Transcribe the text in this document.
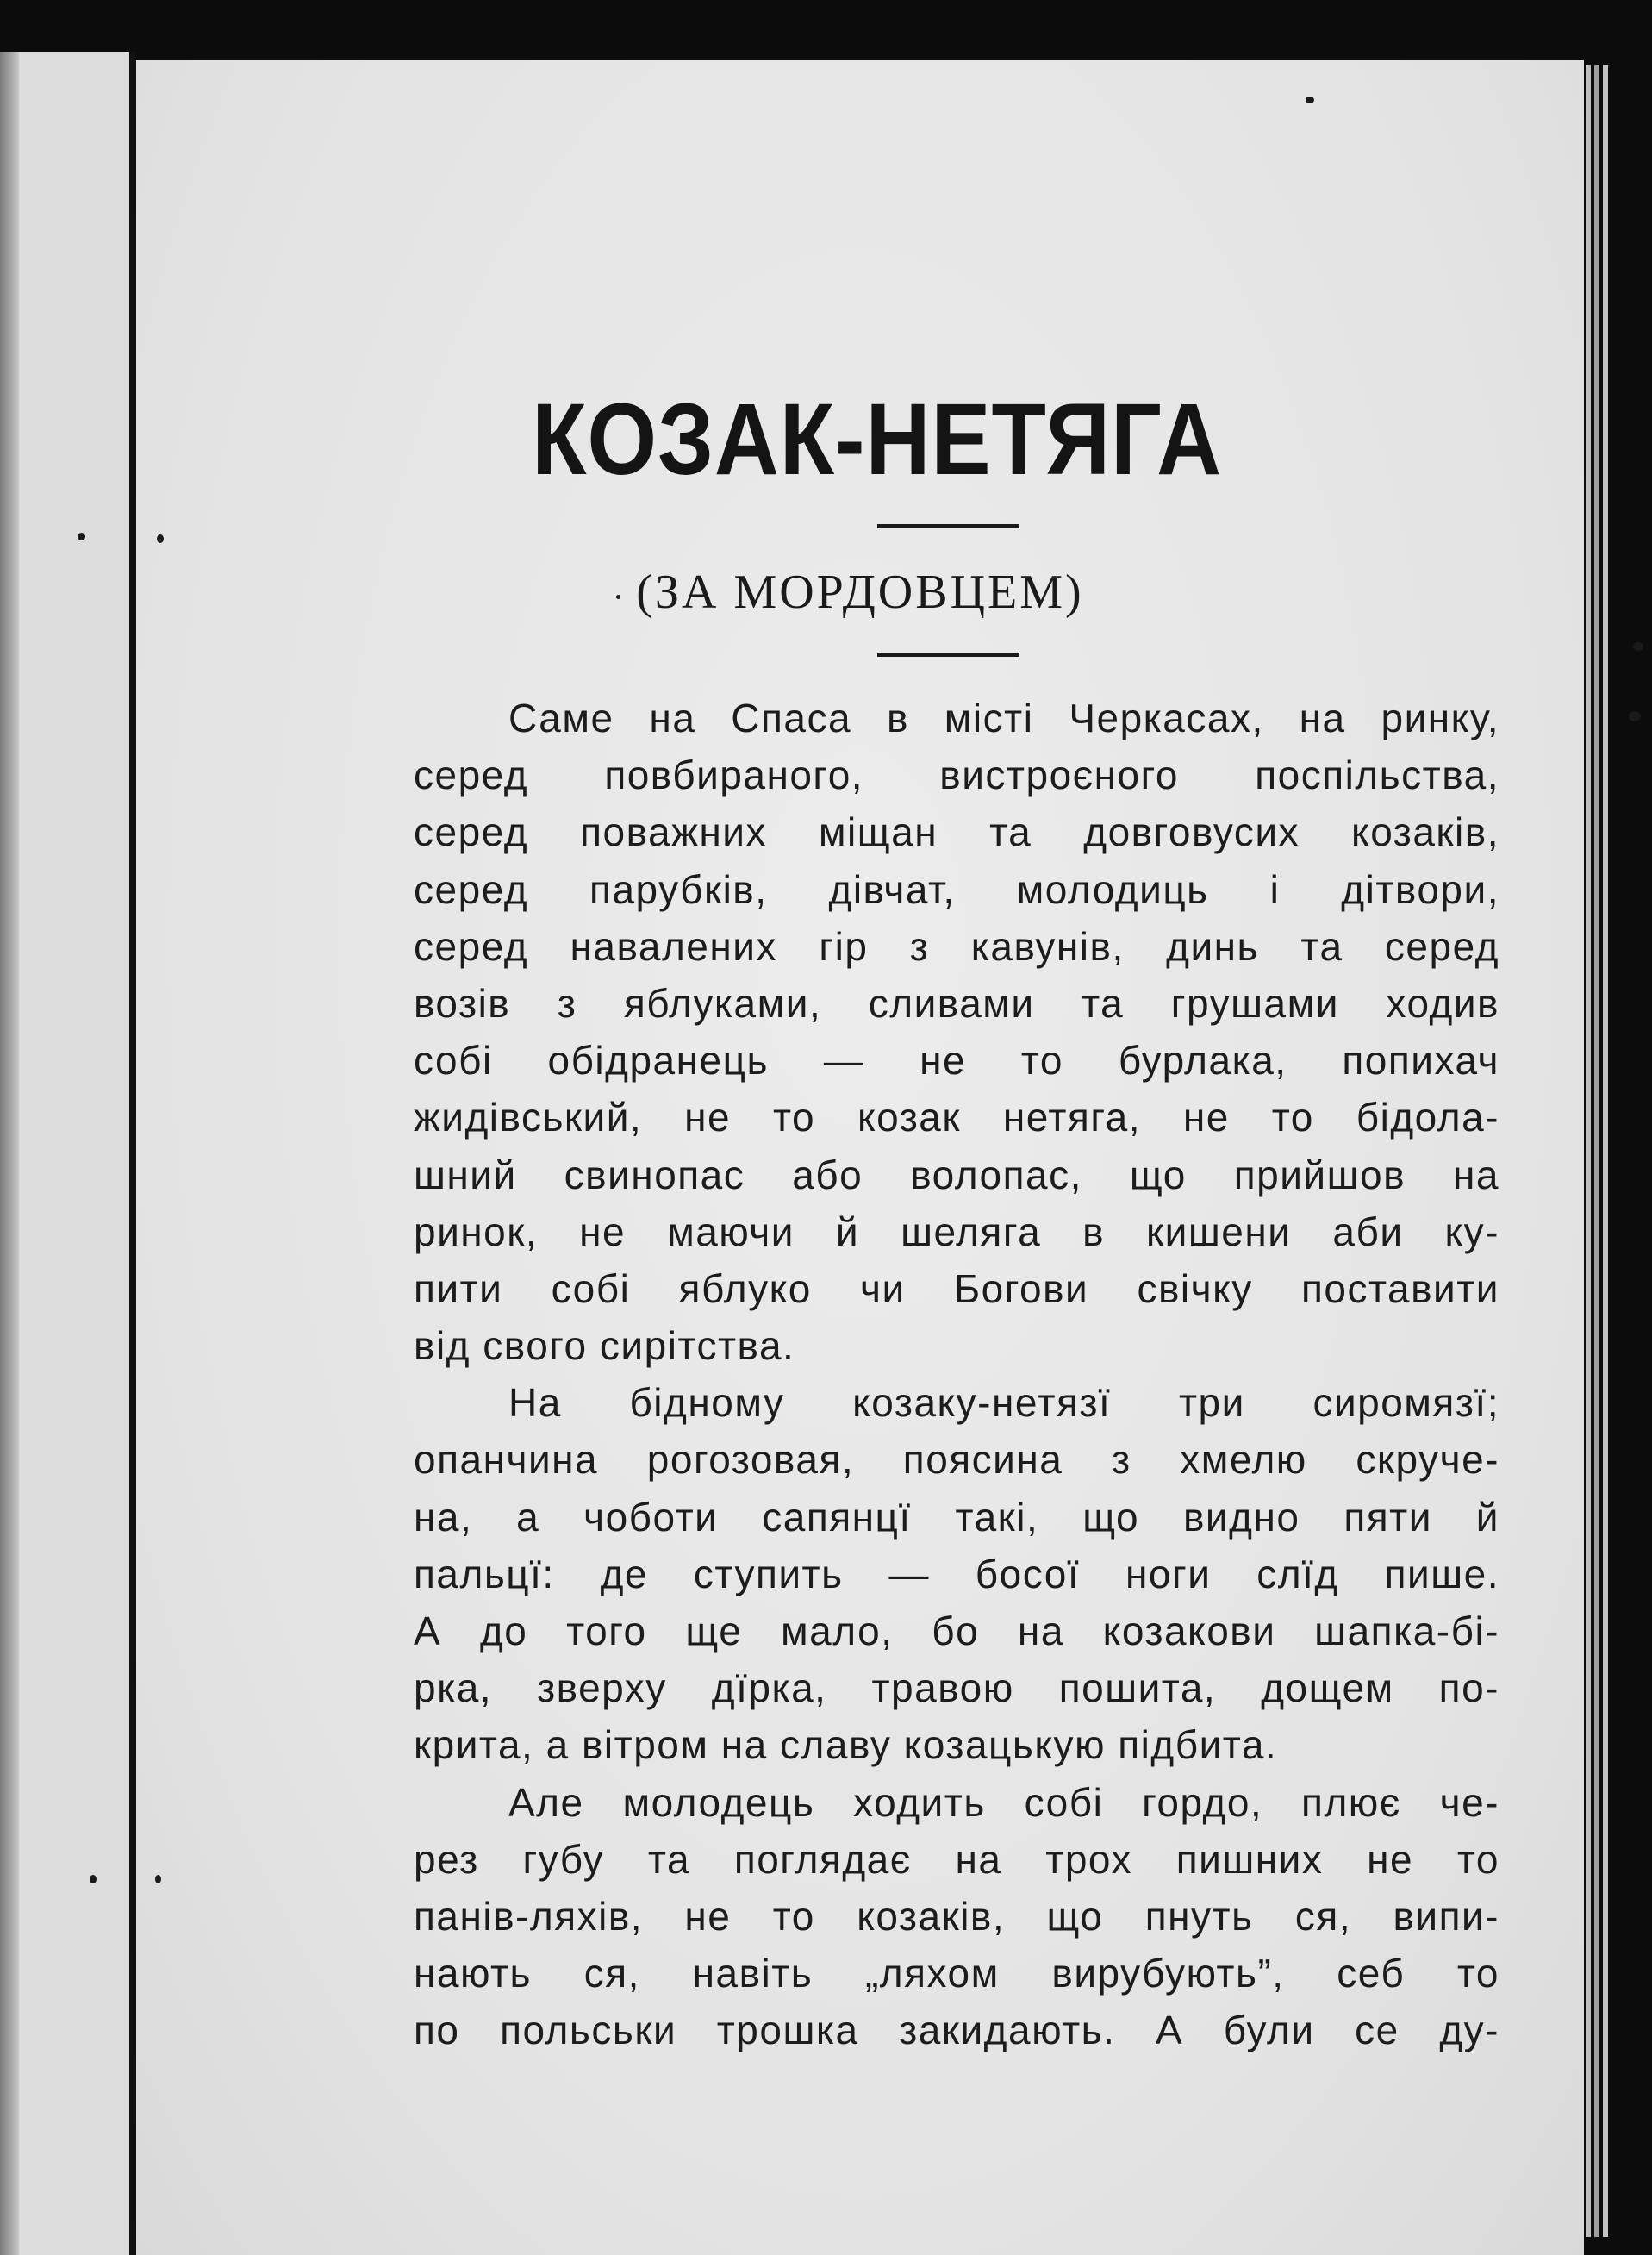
КОЗАК-НЕТЯГА
(ЗА МОРДОВЦЕМ)
Саме на Спаса в місті Черкасах, на ринку,
серед повбираного, вистроєного поспільства,
серед поважних міщан та довговусих козаків,
серед парубків, дівчат, молодиць і дітвори,
серед навалених гір з кавунів, динь та серед
возів з яблуками, сливами та грушами ходив
собі обідранець — не то бурлака, попихач
жидівський, не то козак нетяга, не то бідола-
шний свинопас або волопас, що прийшов на
ринок, не маючи й шеляга в кишени аби ку-
пити собі яблуко чи Богови свічку поставити
від свого сирітства.
На бідному козаку-нетязї три сиромязї;
опанчина рогозовая, поясина з хмелю скруче-
на, а чоботи сапянцї такі, що видно пяти й
пальцї: де ступить — босої ноги слїд пише.
А до того ще мало, бо на козакови шапка-бі-
рка, зверху дїрка, травою пошита, дощем по-
крита, а вітром на славу козацькую підбита.
Але молодець ходить собі гордо, плює че-
рез губу та поглядає на трох пишних не то
панів-ляхів, не то козаків, що пнуть ся, випи-
нають ся, навіть „ляхом вирубують”, себ то
по польськи трошка закидають. А були се ду-
